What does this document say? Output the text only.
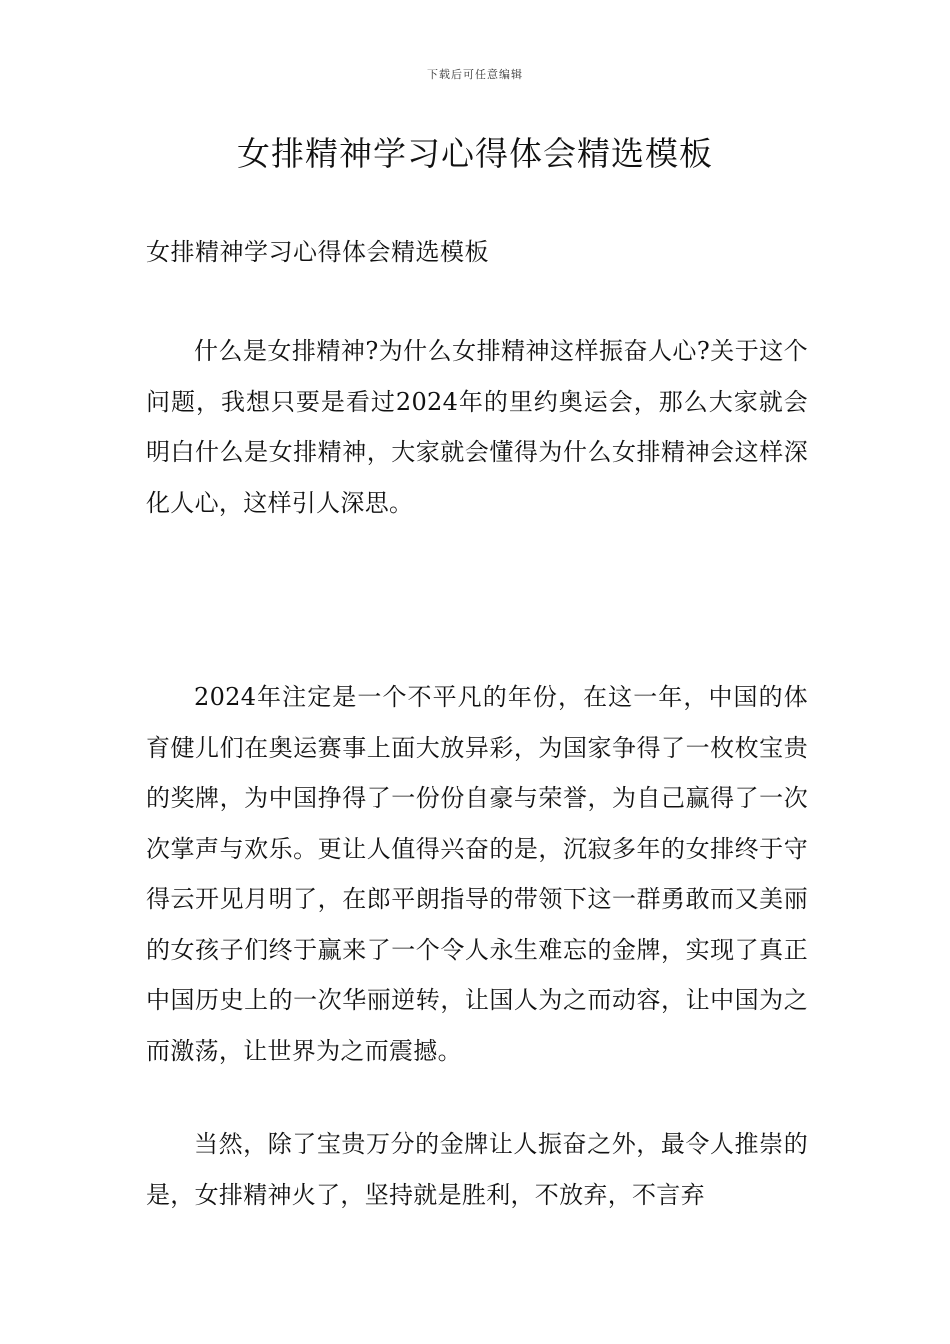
下载后可任意编辑
女排精神学习心得体会精选模板

女排精神学习心得体会精选模板

什么是女排精神?为什么女排精神这样振奋人心?关于这个问题，我想只要是看过2024年的里约奥运会，那么大家就会明白什么是女排精神，大家就会懂得为什么女排精神会这样深化人心，这样引人深思。

2024年注定是一个不平凡的年份，在这一年，中国的体育健儿们在奥运赛事上面大放异彩，为国家争得了一枚枚宝贵的奖牌，为中国挣得了一份份自豪与荣誉，为自己赢得了一次次掌声与欢乐。更让人值得兴奋的是，沉寂多年的女排终于守得云开见月明了，在郎平朗指导的带领下这一群勇敢而又美丽的女孩子们终于赢来了一个令人永生难忘的金牌，实现了真正中国历史上的一次华丽逆转，让国人为之而动容，让中国为之而激荡，让世界为之而震撼。

当然，除了宝贵万分的金牌让人振奋之外，最令人推崇的是，女排精神火了，坚持就是胜利，不放弃，不言弃
